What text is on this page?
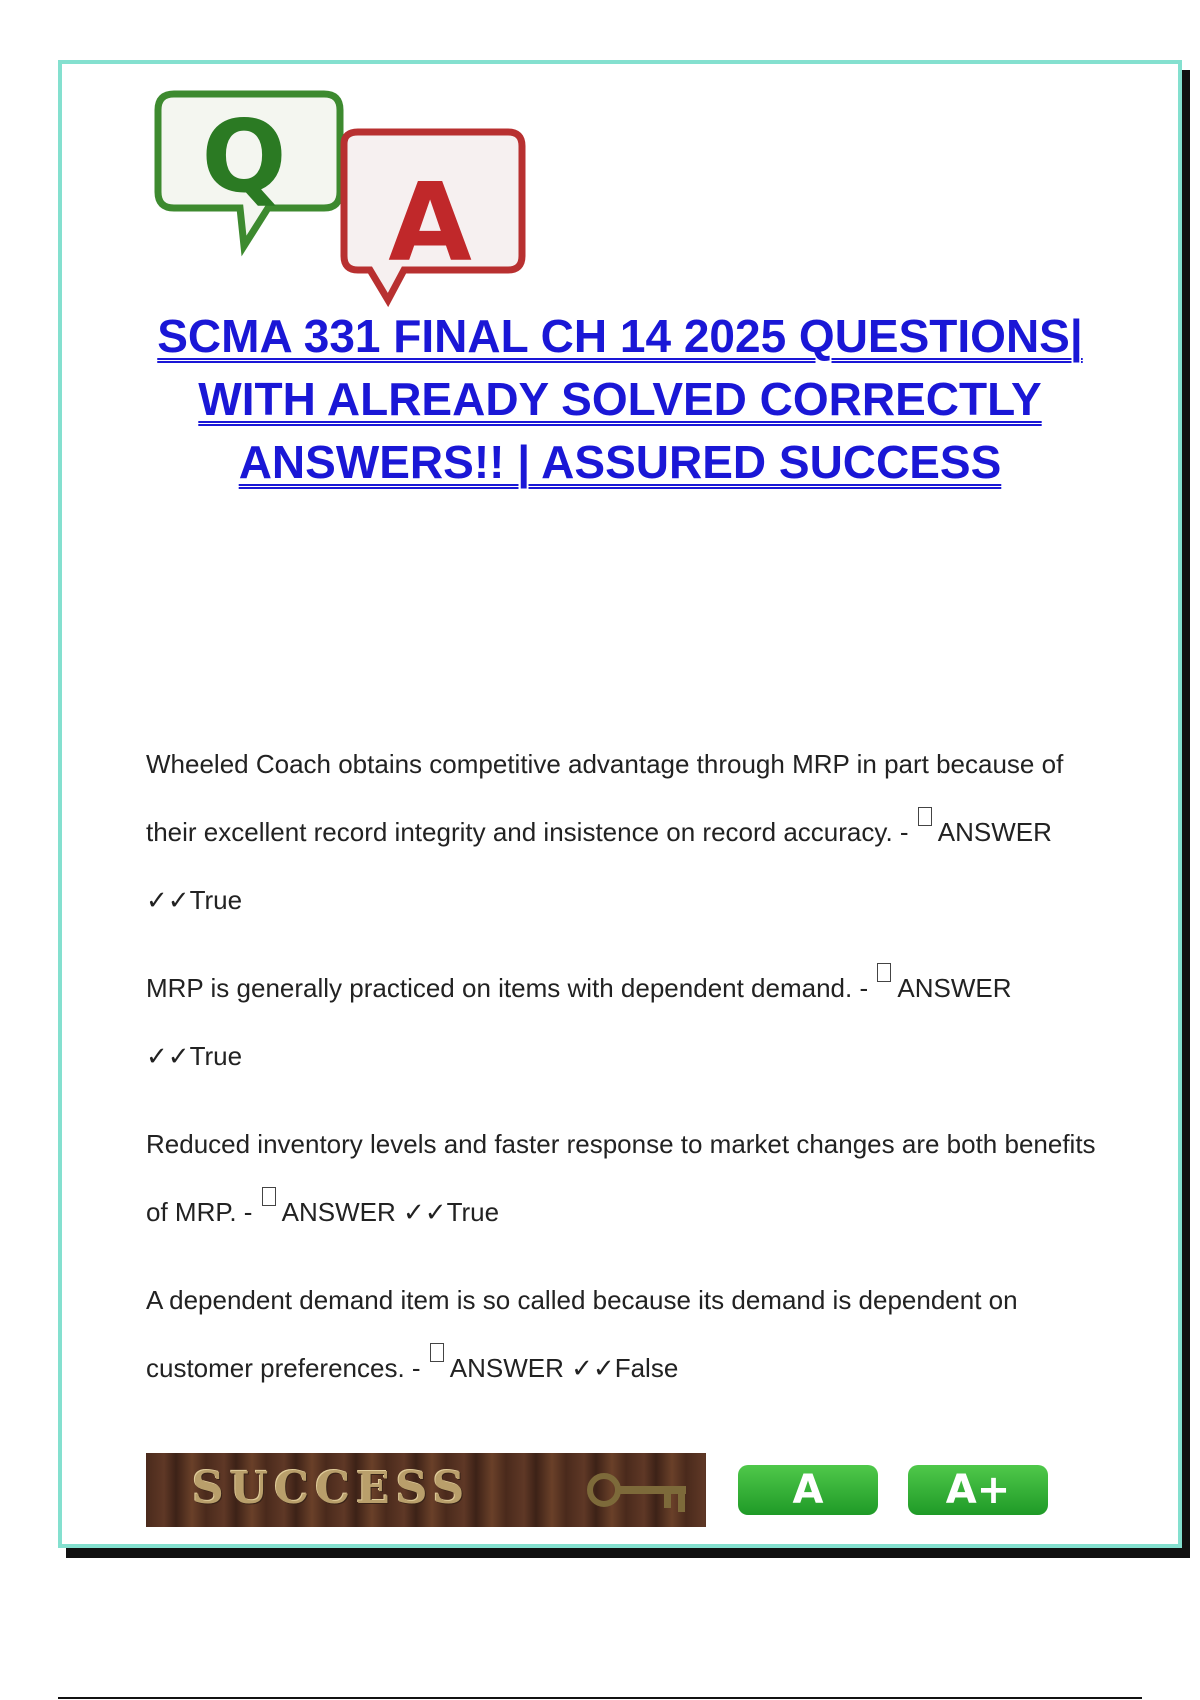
Q
A
SCMA 331 FINAL CH 14 2025 QUESTIONS| WITH ALREADY SOLVED CORRECTLY ANSWERS!! | ASSURED SUCCESS
Wheeled Coach obtains competitive advantage through MRP in part because of their excellent record integrity and insistence on record accuracy. - ANSWER ✓✓True
MRP is generally practiced on items with dependent demand. - ANSWER ✓✓True
Reduced inventory levels and faster response to market changes are both benefits of MRP. - ANSWER ✓✓True
A dependent demand item is so called because its demand is dependent on customer preferences. - ANSWER ✓✓False
SUCCESS	A	A+
